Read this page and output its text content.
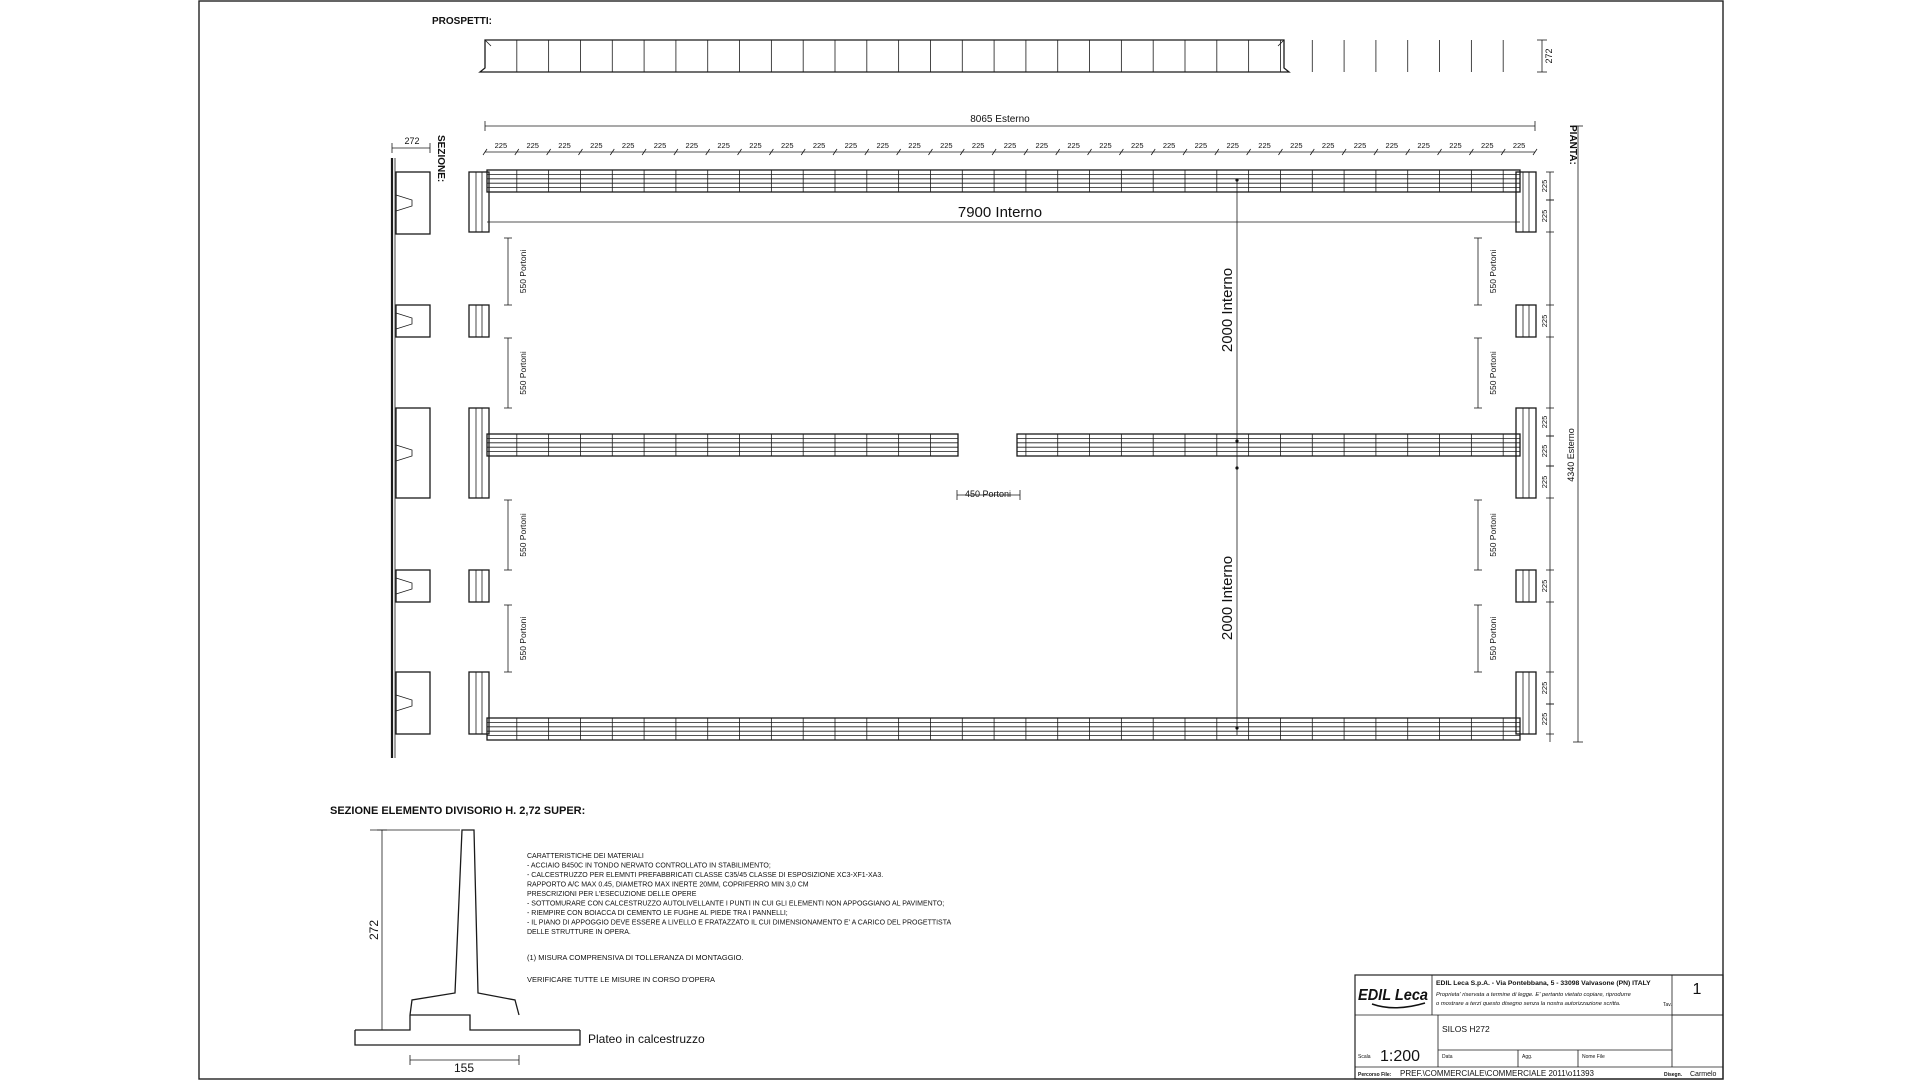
PROSPETTI:
272
SEZIONE:
272	PIANTA:
8065 Esterno
225	225	225	225	225	225	225	225	225	225	225	225	225	225	225	225	225	225	225	225	225	225	225	225	225	225	225	225	225	225	225	225	225
7900 Interno
2000 Interno
2000 Interno
550 Portoni
550 Portoni
550 Portoni
550 Portoni
550 Portoni
550 Portoni
550 Portoni
550 Portoni
450 Portoni
4340 Esterno
225
225
225
225
225
225
225
225
225
SEZIONE ELEMENTO DIVISORIO H. 2,72 SUPER:
272
155
Plateo in calcestruzzo
CARATTERISTICHE DEI MATERIALI
- ACCIAIO B450C IN TONDO NERVATO CONTROLLATO IN STABILIMENTO;
- CALCESTRUZZO PER ELEMNTI PREFABBRICATI CLASSE C35/45 CLASSE DI ESPOSIZIONE XC3-XF1-XA3.
RAPPORTO A/C MAX 0.45, DIAMETRO MAX INERTE 20MM, COPRIFERRO MIN 3,0 CM
PRESCRIZIONI PER L'ESECUZIONE DELLE OPERE
- SOTTOMURARE CON CALCESTRUZZO AUTOLIVELLANTE I PUNTI IN CUI GLI ELEMENTI NON APPOGGIANO AL PAVIMENTO;
- RIEMPIRE CON BOIACCA DI CEMENTO LE FUGHE AL PIEDE TRA I PANNELLI;
- IL PIANO DI APPOGGIO DEVE ESSERE A LIVELLO E FRATAZZATO IL CUI DIMENSIONAMENTO E' A CARICO DEL PROGETTISTA
DELLE STRUTTURE IN OPERA.
(1) MISURA COMPRENSIVA DI TOLLERANZA DI MONTAGGIO.
VERIFICARE TUTTE LE MISURE IN CORSO D'OPERA
EDIL Leca
EDIL Leca S.p.A. - Via Pontebbana, 5 - 33098 Valvasone (PN) ITALY
Proprieta' riservata a termine di legge. E' pertanto vietato copiare, riprodurre
o mostrare a terzi questo disegno senza la nostra autorizzazione scritta.	Tav.
1
SILOS H272
Scala 1:200	Data	Agg.	Nome File
Percorso File: PREF.\COMMERCIALE\COMMERCIALE 2011\o11393	Disegn. Carmelo
